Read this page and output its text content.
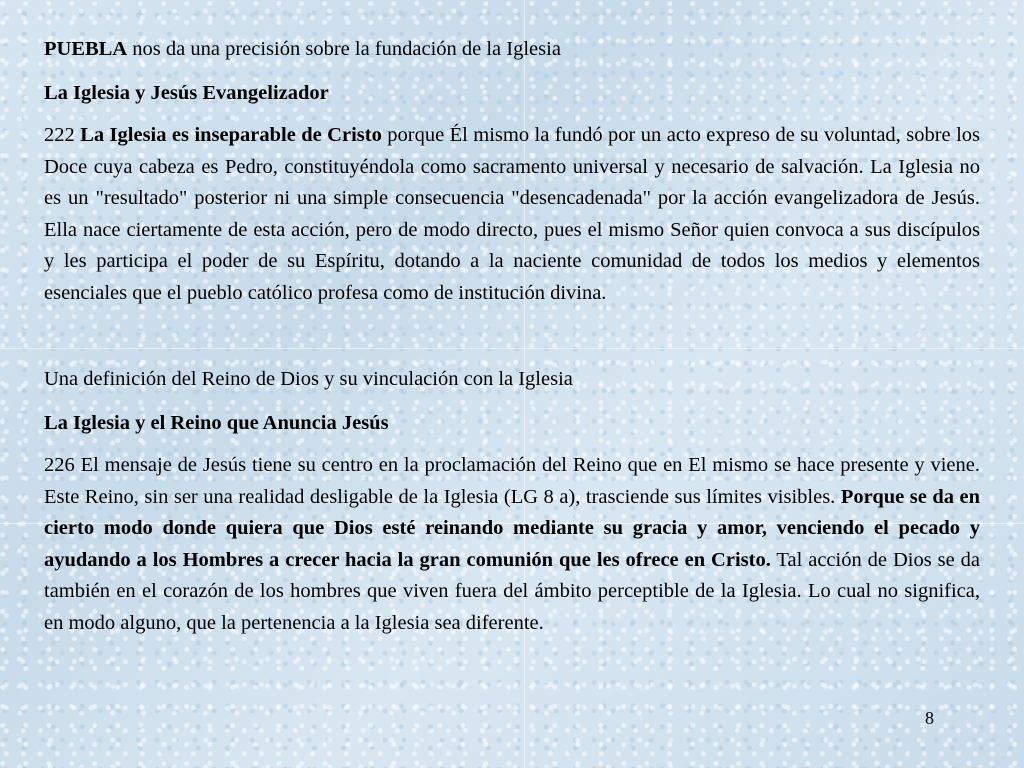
PUEBLA nos da una precisión sobre la fundación de la Iglesia

La Iglesia y Jesús Evangelizador

222 La Iglesia es inseparable de Cristo porque Él mismo la fundó por un acto expreso de su voluntad, sobre los Doce cuya cabeza es Pedro, constituyéndola como sacramento universal y necesario de salvación. La Iglesia no es un "resultado" posterior ni una simple consecuencia "desencadenada" por la acción evangelizadora de Jesús. Ella nace ciertamente de esta acción, pero de modo directo, pues el mismo Señor quien convoca a sus discípulos y les participa el poder de su Espíritu, dotando a la naciente comunidad de todos los medios y elementos esenciales que el pueblo católico profesa como de institución divina.

Una definición del Reino de Dios y su vinculación con la Iglesia

La Iglesia y el Reino que Anuncia Jesús

226 El mensaje de Jesús tiene su centro en la proclamación del Reino que en El mismo se hace presente y viene. Este Reino, sin ser una realidad desligable de la Iglesia (LG 8 a), trasciende sus límites visibles. Porque se da en cierto modo donde quiera que Dios esté reinando mediante su gracia y amor, venciendo el pecado y ayudando a los Hombres a crecer hacia la gran comunión que les ofrece en Cristo. Tal acción de Dios se da también en el corazón de los hombres que viven fuera del ámbito perceptible de la Iglesia. Lo cual no significa, en modo alguno, que la pertenencia a la Iglesia sea diferente.

8
